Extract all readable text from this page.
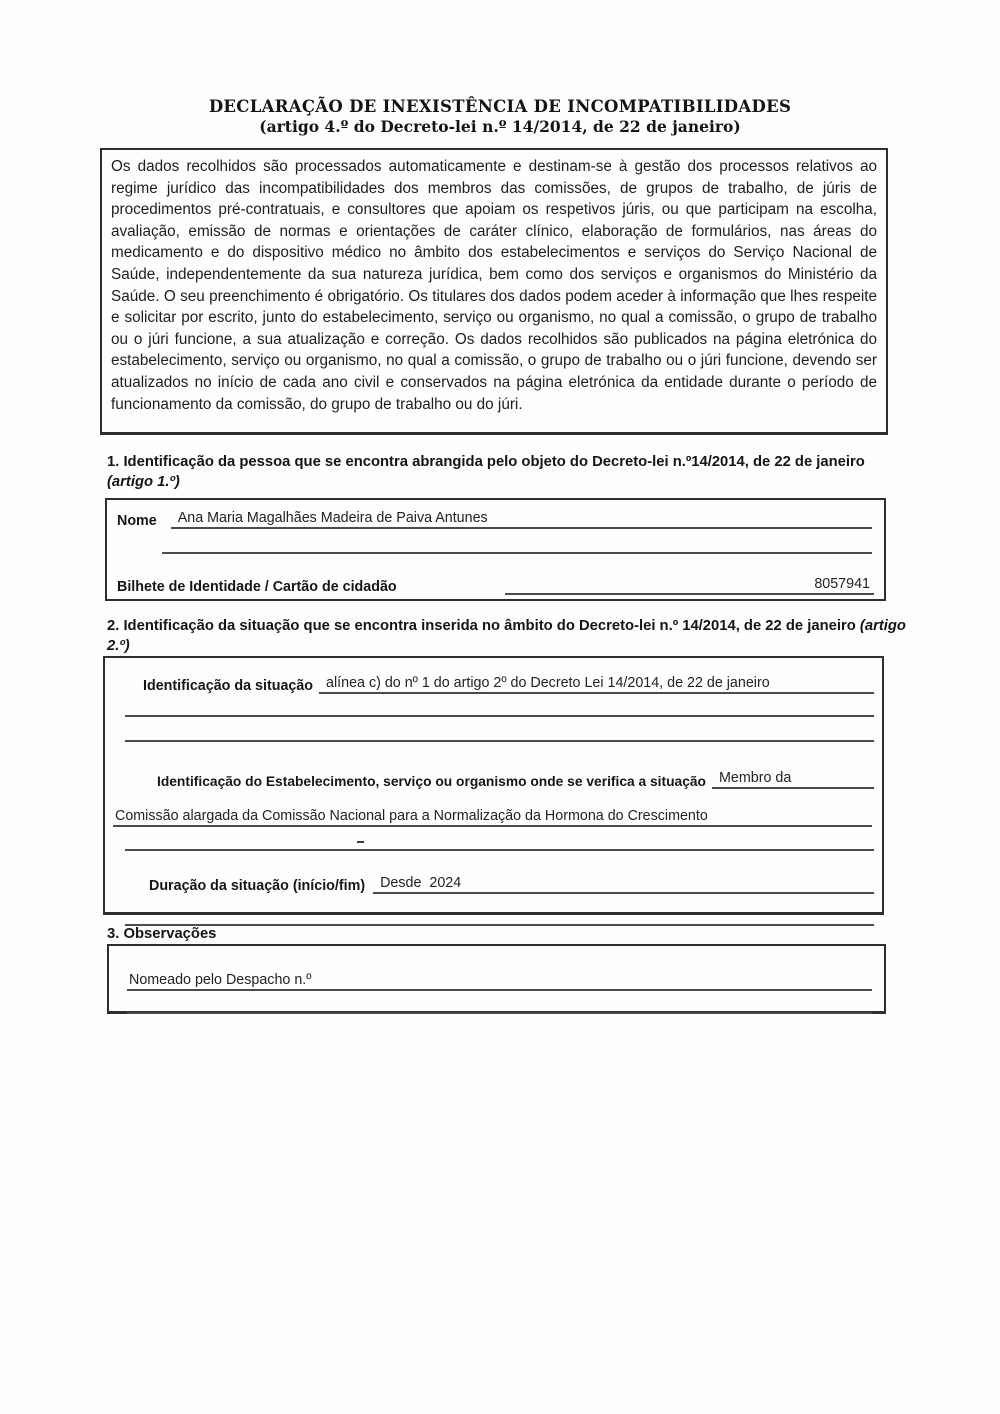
DECLARAÇÃO DE INEXISTÊNCIA DE INCOMPATIBILIDADES
(artigo 4.º do Decreto-lei n.º 14/2014, de 22 de janeiro)
Os dados recolhidos são processados automaticamente e destinam-se à gestão dos processos relativos ao regime jurídico das incompatibilidades dos membros das comissões, de grupos de trabalho, de júris de procedimentos pré-contratuais, e consultores que apoiam os respetivos júris, ou que participam na escolha, avaliação, emissão de normas e orientações de caráter clínico, elaboração de formulários, nas áreas do medicamento e do dispositivo médico no âmbito dos estabelecimentos e serviços do Serviço Nacional de Saúde, independentemente da sua natureza jurídica, bem como dos serviços e organismos do Ministério da Saúde. O seu preenchimento é obrigatório. Os titulares dos dados podem aceder à informação que lhes respeite e solicitar por escrito, junto do estabelecimento, serviço ou organismo, no qual a comissão, o grupo de trabalho ou o júri funcione, a sua atualização e correção. Os dados recolhidos são publicados na página eletrónica do estabelecimento, serviço ou organismo, no qual a comissão, o grupo de trabalho ou o júri funcione, devendo ser atualizados no início de cada ano civil e conservados na página eletrónica da entidade durante o período de funcionamento da comissão, do grupo de trabalho ou do júri.
1. Identificação da pessoa que se encontra abrangida pelo objeto do Decreto-lei n.º14/2014, de 22 de janeiro
(artigo 1.º)
Nome	Ana Maria Magalhães Madeira de Paiva Antunes
Bilhete de Identidade / Cartão de cidadão	8057941
2. Identificação da situação que se encontra inserida no âmbito do Decreto-lei n.º 14/2014, de 22 de janeiro (artigo
2.º)
Identificação da situação alínea c) do nº 1 do artigo 2º do Decreto Lei 14/2014, de 22 de janeiro
Identificação do Estabelecimento, serviço ou organismo onde se verifica a situação Membro da
Comissão alargada da Comissão Nacional para a Normalização da Hormona do Crescimento
Duração da situação (início/fim)	Desde  2024
3. Observações
Nomeado pelo Despacho n.º
